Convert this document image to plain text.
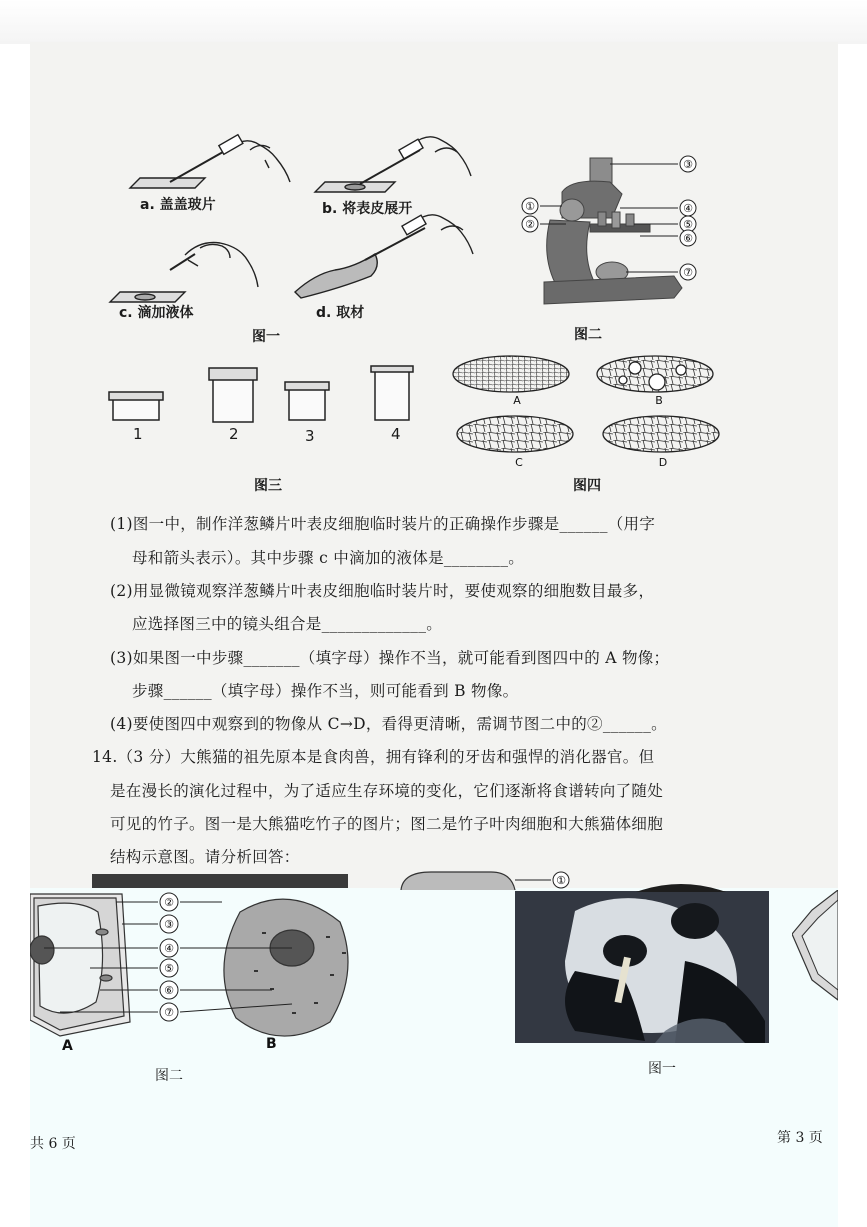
a. 盖盖玻片	b. 将表皮展开
c. 滴加液体	d. 取材
图一
③
④
⑤
⑥
⑦
①
②
图二
1	2	3	4
图三
A	B
C	D
图四
(1)图一中，制作洋葱鳞片叶表皮细胞临时装片的正确操作步骤是______（用字
母和箭头表示）。其中步骤 c 中滴加的液体是________。
(2)用显微镜观察洋葱鳞片叶表皮细胞临时装片时，要使观察的细胞数目最多，
应选择图三中的镜头组合是_____________。
(3)如果图一中步骤_______（填字母）操作不当，就可能看到图四中的 A 物像；
步骤______（填字母）操作不当，则可能看到 B 物像。
(4)要使图四中观察到的物像从 C→D，看得更清晰，需调节图二中的②______。
14.（3 分）大熊猫的祖先原本是食肉兽，拥有锋利的牙齿和强悍的消化器官。但
是在漫长的演化过程中，为了适应生存环境的变化，它们逐渐将食谱转向了随处
可见的竹子。图一是大熊猫吃竹子的图片；图二是竹子叶肉细胞和大熊猫体细胞
结构示意图。请分析回答：
①
②
③
④
⑤
⑥
⑦
A	B
图二	图一
共 6 页	第 3 页
